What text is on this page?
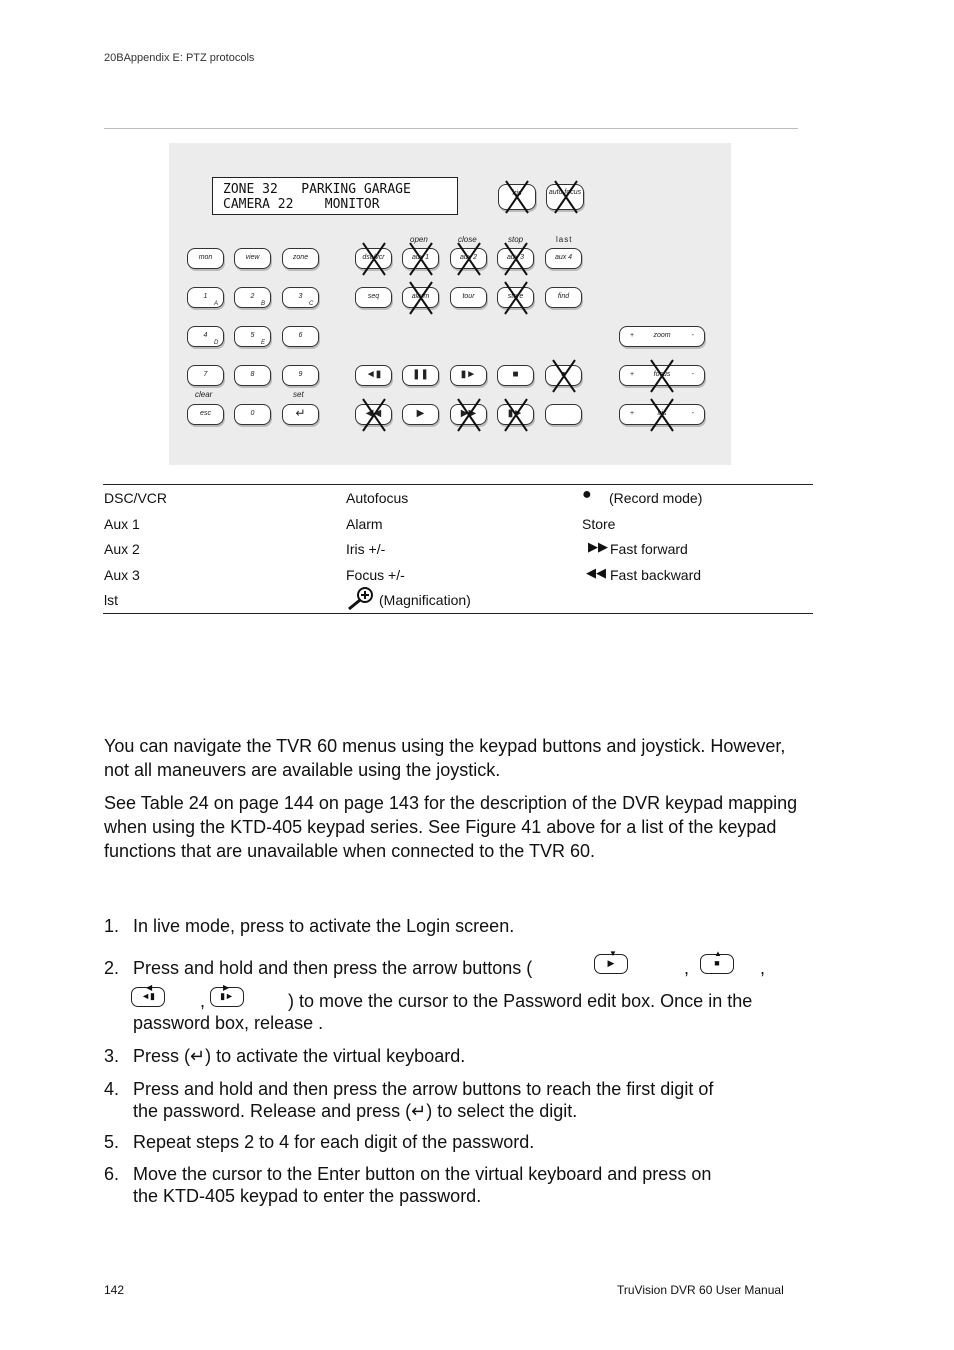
20BAppendix E: PTZ protocols
ZONE 32   PARKING GARAGE
CAMERA 22    MONITOR
iris	auto focus
mon	view	zone
1	2	3
A	B	C
4	5	6
D	E
7	8	9
clear	set
esc	0	↵
open	close	stop	last
dsc/vcr	aux 1	aux 2	aux 3	aux 4
seq	alarm	tour	store	find
◄▮	❚❚	▮►	■	●
◀◀	▶	▶▶	▮►
+	zoom	-
+	focus	-
+	iris	-
DSC/VCR	Autofocus	● (Record mode)
Aux 1	Alarm	Store
Aux 2	Iris +/-	▶▶ Fast forward
Aux 3	Focus +/-	◀◀ Fast backward
lst	(Magnification)
You can navigate the TVR 60 menus using the keypad buttons and joystick. However, not all maneuvers are available using the joystick.
See Table 24 on page 144 on page 143 for the description of the DVR keypad mapping when using the KTD-405 keypad series. See Figure 41 above for a list of the keypad functions that are unavailable when connected to the TVR 60.
1. In live mode, press to activate the Login screen.
2. Press and hold and then press the arrow buttons (	▶
▼
,	■
▲
,
◄▮
◀
,	▮►
▶
) to move the cursor to the Password edit box. Once in the
password box, release .
3. Press (↵) to activate the virtual keyboard.
4. Press and hold and then press the arrow buttons to reach the first digit of
the password. Release and press (↵) to select the digit.
5. Repeat steps 2 to 4 for each digit of the password.
6. Move the cursor to the Enter button on the virtual keyboard and press on
the KTD-405 keypad to enter the password.
142	TruVision DVR 60 User Manual
